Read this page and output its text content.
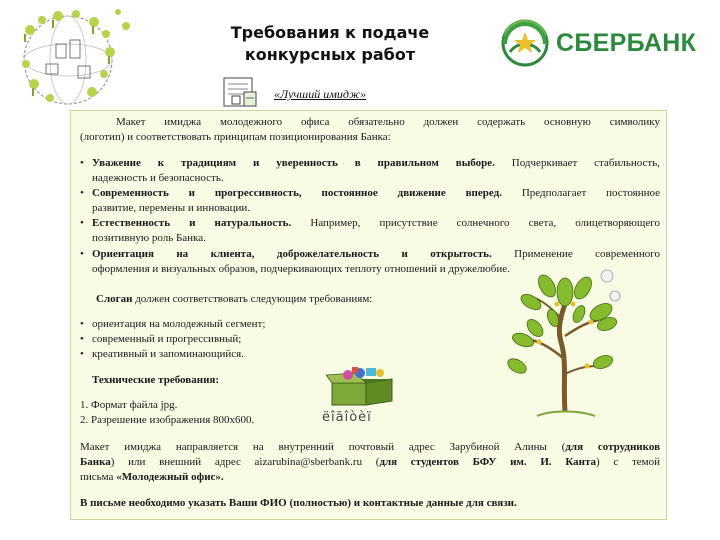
Требования к подаче
конкурсных работ	СБЕРБАНК
«Лучший имидж»
Макет имиджа молодежного офиса обязательно должен содержать основную символику
(логотип) и соответствовать принципам позиционирования Банка:
• Уважение к традициям и уверенность в правильном выборе. Подчеркивает стабильность,
надежность и безопасность.
• Современность и прогрессивность, постоянное движение вперед. Предполагает постоянное
развитие, перемены и инновации.
• Естественность и натуральность. Например, присутствие солнечного света, олицетворяющего
позитивную роль Банка.
• Ориентация на клиента, доброжелательность и открытость. Применение современного
оформления и визуальных образов, подчеркивающих теплоту отношений и дружелюбие.
Слоган должен соответствовать следующим требованиям:
• ориентация на молодежный сегмент;
• современный и прогрессивный;
• креативный и запоминающийся.
Технические требования:
1. Формат файла jpg.
2. Разрешение изображения 800х600.	ëîãîòèï
Макет имиджа направляется на внутренний почтовый адрес Зарубиной Алины (для сотрудников
Банка) или внешний адрес aizarubina@sberbank.ru (для студентов БФУ им. И. Канта) с темой
письма «Молодежный офис».
В письме необходимо указать Ваши ФИО (полностью) и контактные данные для связи.
